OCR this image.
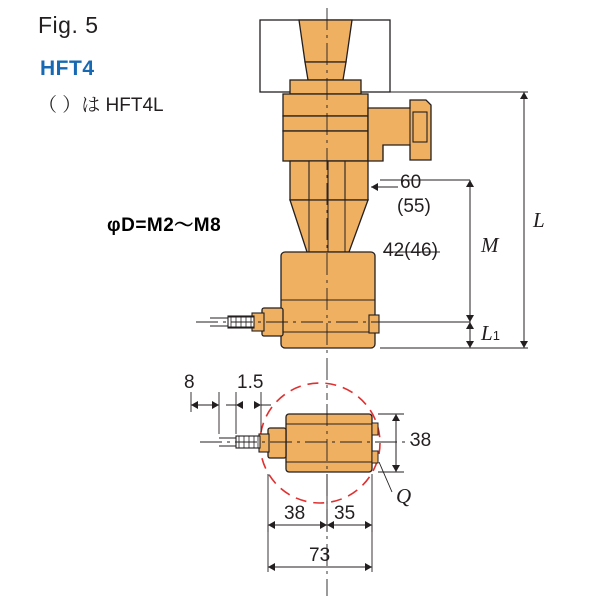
Fig. 5
HFT4
（ ）は HFT4L
φD=M2〜M8
60
(55)
42(46)
L
M
L1
8 1.5
38
Q
38 35
73
